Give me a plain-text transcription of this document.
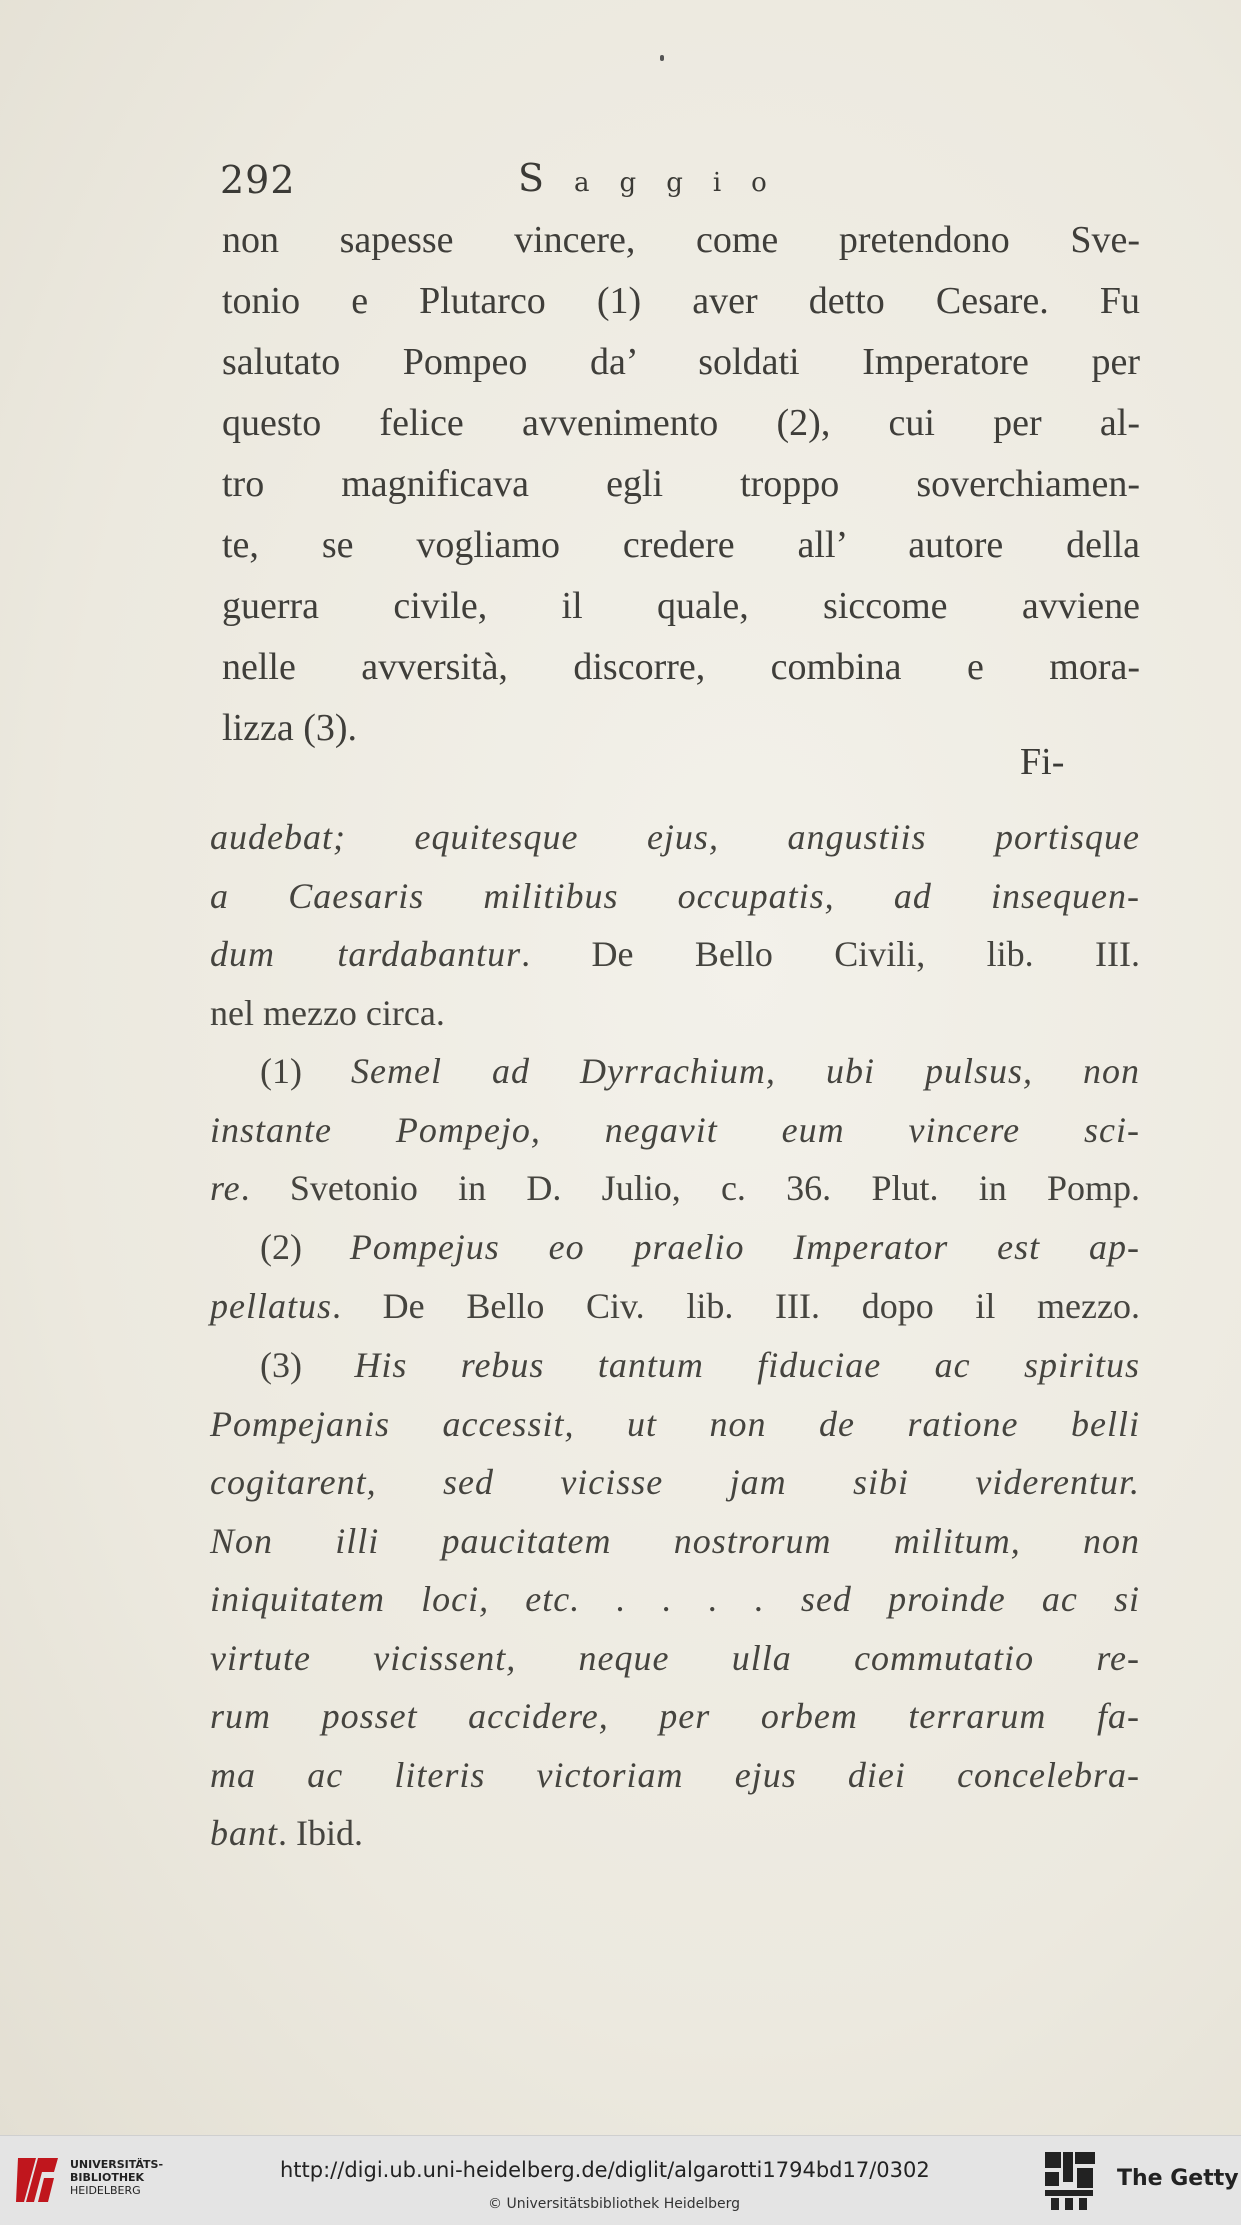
292	Saggio
non sapesse vincere, come pretendono Sve-
tonio e Plutarco (1) aver detto Cesare. Fu
salutato Pompeo da’ soldati Imperatore per
questo felice avvenimento (2), cui per al-
tro magnificava egli troppo soverchiamen-
te, se vogliamo credere all’ autore della
guerra civile, il quale, siccome avviene
nelle avversità, discorre, combina e mora-
lizza (3).
Fi-
audebat; equitesque ejus, angustiis portisque
a Caesaris militibus occupatis, ad insequen-
dum tardabantur. De Bello Civili, lib. III.
nel mezzo circa.
(1) Semel ad Dyrrachium, ubi pulsus, non
instante Pompejo, negavit eum vincere sci-
re. Svetonio in D. Julio, c. 36. Plut. in Pomp.
(2) Pompejus eo praelio Imperator est ap-
pellatus. De Bello Civ. lib. III. dopo il mezzo.
(3) His rebus tantum fiduciae ac spiritus
Pompejanis accessit, ut non de ratione belli
cogitarent, sed vicisse jam sibi viderentur.
Non illi paucitatem nostrorum militum, non
iniquitatem loci, etc. . . . . sed proinde ac si
virtute vicissent, neque ulla commutatio re-
rum posset accidere, per orbem terrarum fa-
ma ac literis victoriam ejus diei concelebra-
bant. Ibid.
UNIVERSITÄTS-
BIBLIOTHEK
HEIDELBERG
http://digi.ub.uni-heidelberg.de/diglit/algarotti1794bd17/0302
© Universitätsbibliothek Heidelberg
The Getty
